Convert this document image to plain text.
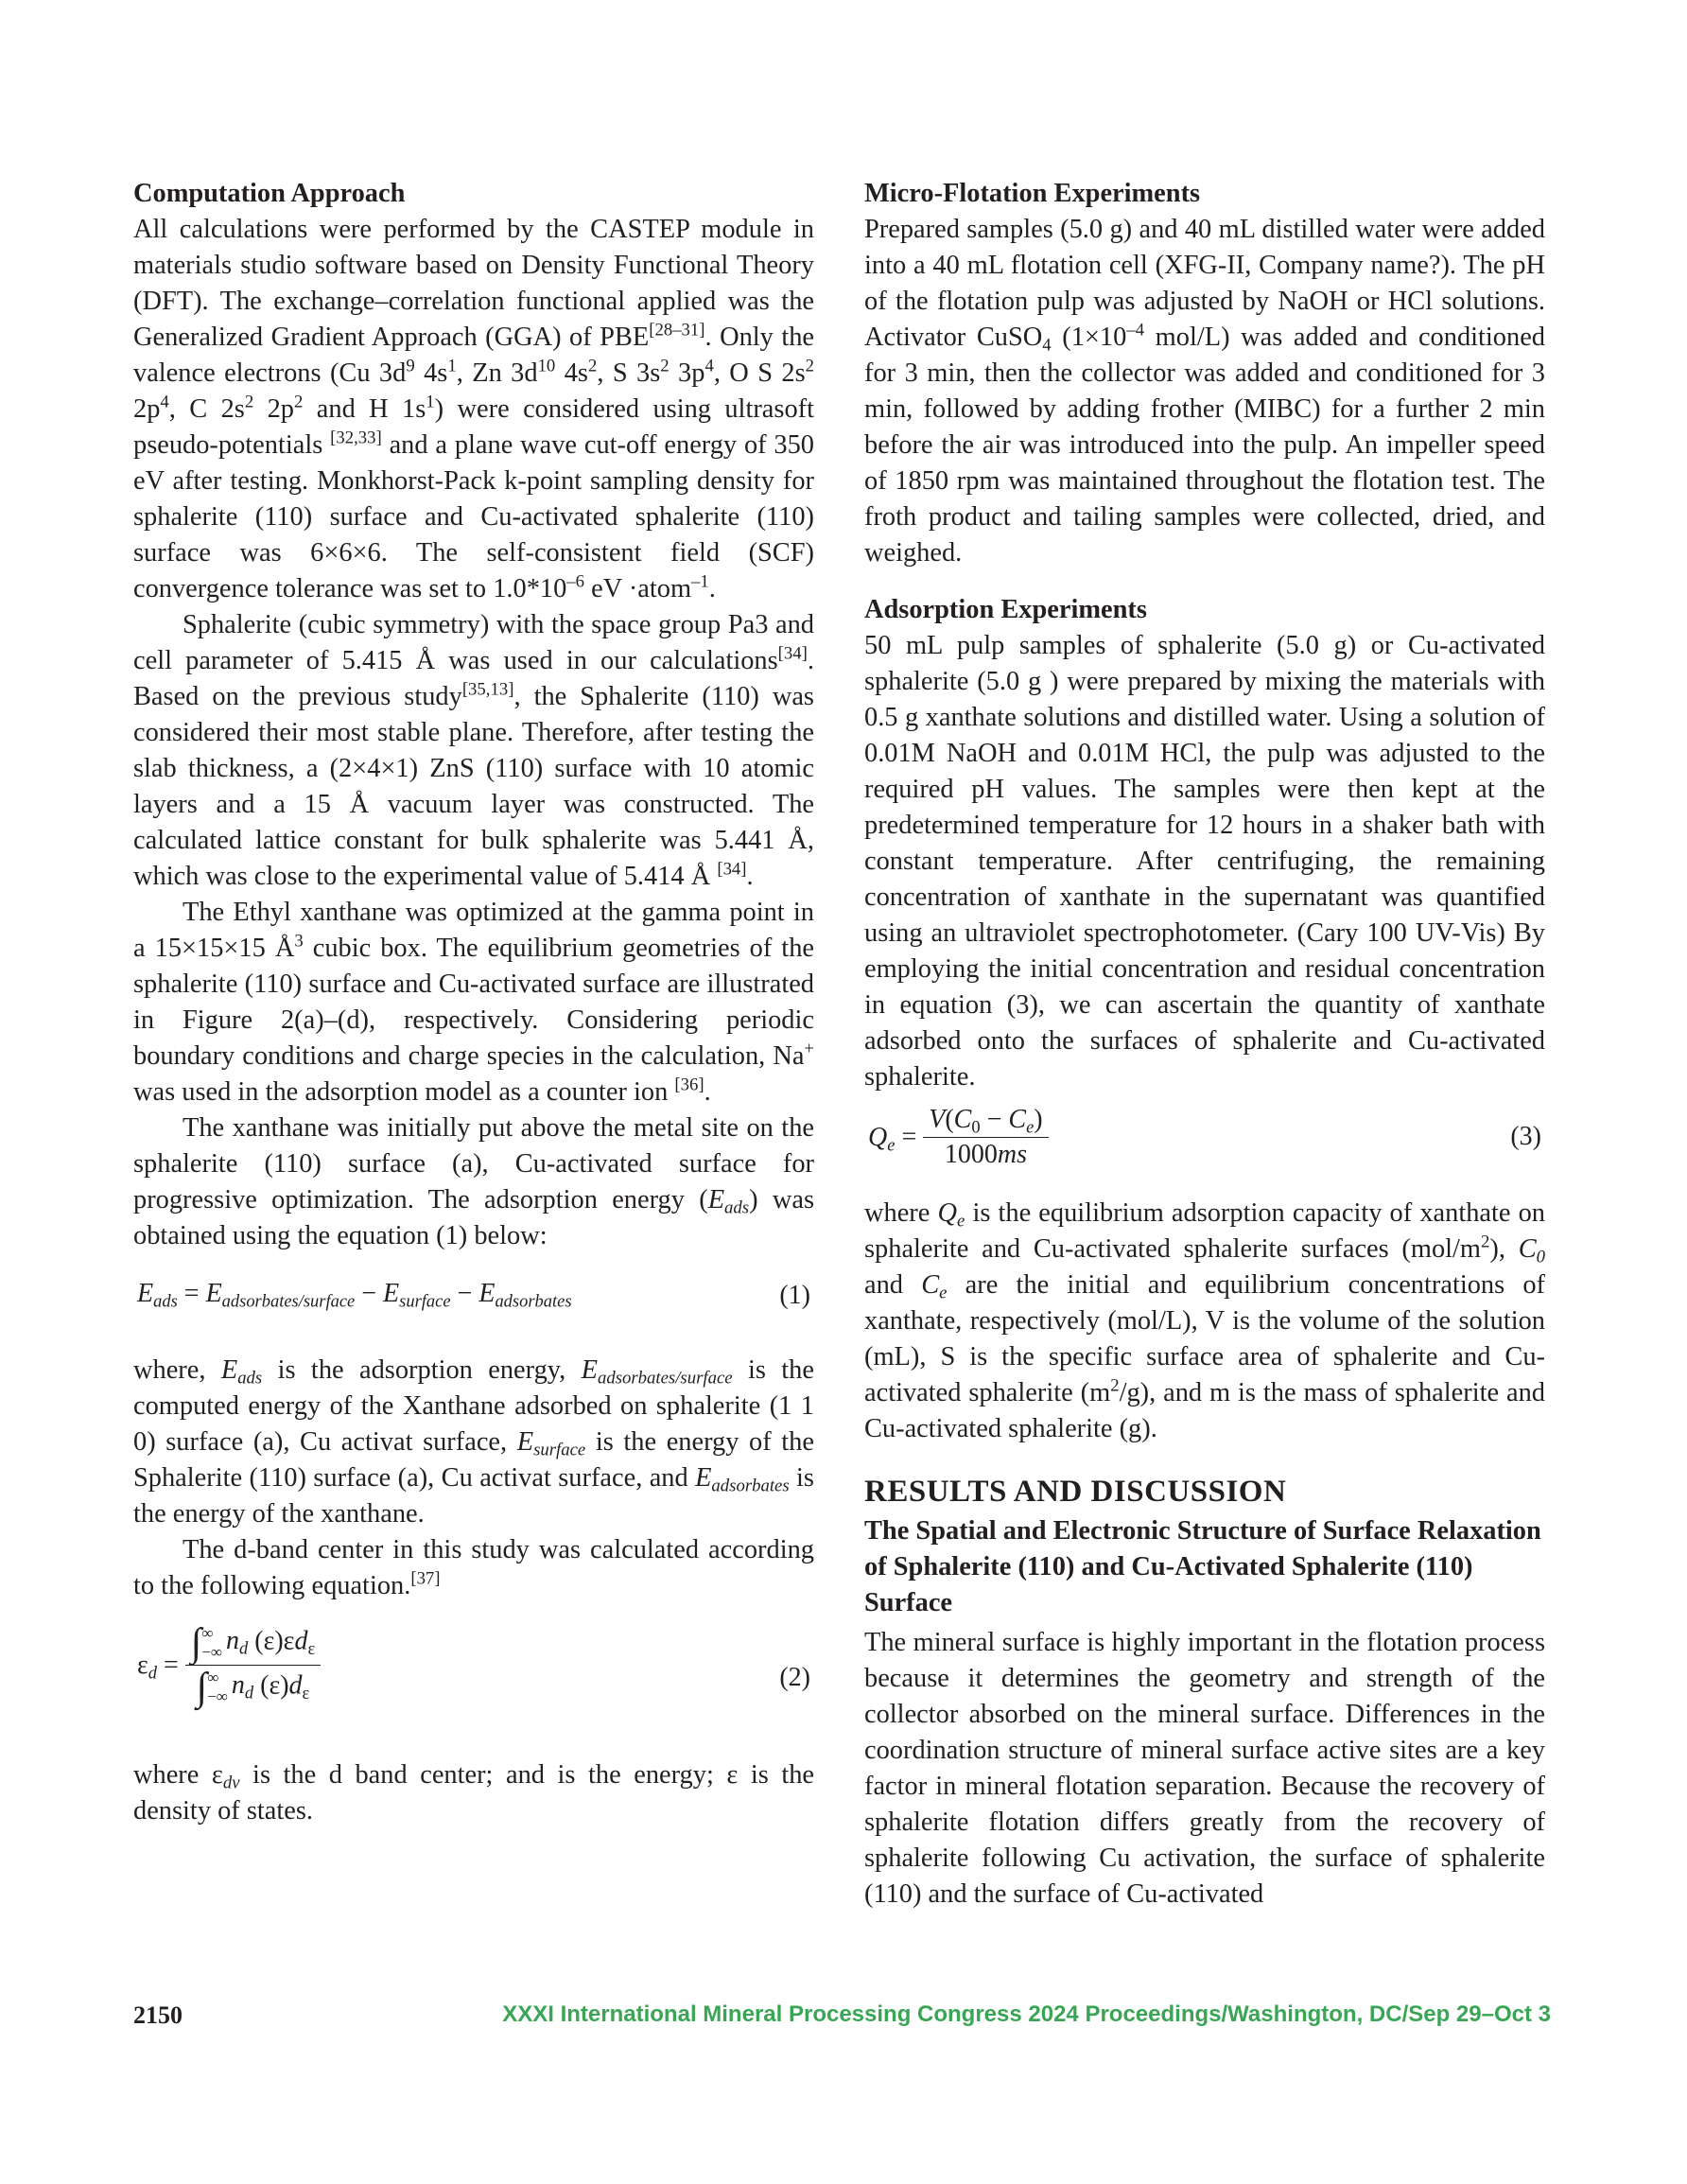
Computation Approach

All calculations were performed by the CASTEP module in materials studio software based on Density Functional Theory (DFT). The exchange–correlation functional applied was the Generalized Gradient Approach (GGA) of PBE[28–31]. Only the valence electrons (Cu $3d^9$ $4s^1$, Zn $3d^{10}$ $4s^2$, S $3s^2$ $3p^4$, O S $2s^2$ $2p^4$, C $2s^2$ $2p^2$ and H $1s^1$) were considered using ultrasoft pseudo-potentials [32,33] and a plane wave cut-off energy of 350 eV after testing. Monkhorst-Pack k-point sampling density for sphalerite (110) surface and Cu-activated sphalerite (110) surface was 6×6×6. The self-consistent field (SCF) convergence tolerance was set to $1.0*10^{-6}$ eV ·atom$^{-1}$.

Sphalerite (cubic symmetry) with the space group Pa3 and cell parameter of 5.415 Å was used in our calculations[34]. Based on the previous study[35,13], the Sphalerite (110) was considered their most stable plane. Therefore, after testing the slab thickness, a (2×4×1) ZnS (110) surface with 10 atomic layers and a 15 Å vacuum layer was constructed. The calculated lattice constant for bulk sphalerite was 5.441 Å, which was close to the experimental value of 5.414 Å [34].

The Ethyl xanthane was optimized at the gamma point in a 15×15×15 $Å^3$ cubic box. The equilibrium geometries of the sphalerite (110) surface and Cu-activated surface are illustrated in Figure 2(a)–(d), respectively. Considering periodic boundary conditions and charge species in the calculation, Na+ was used in the adsorption model as a counter ion [36].

The xanthane was initially put above the metal site on the sphalerite (110) surface (a), Cu-activated surface for progressive optimization. The adsorption energy $(E_{ads})$ was obtained using the equation (1) below:

$E_{ads} = E_{adsorbates/surface} - E_{surface} - E_{adsorbates}$	(1)

where, $E_{ads}$ is the adsorption energy, $E_{adsorbates/surface}$ is the computed energy of the Xanthane adsorbed on sphalerite (1 1 0) surface (a), Cu activat surface, $E_{surface}$ is the energy of the Sphalerite (110) surface (a), Cu activat surface, and $E_{adsorbates}$ is the energy of the xanthane.

The d-band center in this study was calculated according to the following equation.[37]

$\varepsilon_d$ = ∫∞
−∞ $n_d$ $(\varepsilon)\varepsilon d_\varepsilon$
∫∞
−∞ $n_d$ $(\varepsilon)d_\varepsilon$
(2)

where $\varepsilon_{dv}$ is the d band center; and is the energy; ε is the density of states.

Micro-Flotation Experiments

Prepared samples (5.0 g) and 40 mL distilled water were added into a 40 mL flotation cell (XFG-II, Company name?). The pH of the flotation pulp was adjusted by NaOH or HCl solutions. Activator CuSO$_4$ ($1\times 10^{-4}$ mol/L) was added and conditioned for 3 min, then the collector was added and conditioned for 3 min, followed by adding frother (MIBC) for a further 2 min before the air was introduced into the pulp. An impeller speed of 1850 rpm was maintained throughout the flotation test. The froth product and tailing samples were collected, dried, and weighed.

Adsorption Experiments

50 mL pulp samples of sphalerite (5.0 g) or Cu-activated sphalerite (5.0 g ) were prepared by mixing the materials with 0.5 g xanthate solutions and distilled water. Using a solution of 0.01M NaOH and 0.01M HCl, the pulp was adjusted to the required pH values. The samples were then kept at the predetermined temperature for 12 hours in a shaker bath with constant temperature. After centrifuging, the remaining concentration of xanthate in the supernatant was quantified using an ultraviolet spectrophotometer. (Cary 100 UV-Vis) By employing the initial concentration and residual concentration in equation (3), we can ascertain the quantity of xanthate adsorbed onto the surfaces of sphalerite and Cu-activated sphalerite.

$Q_e = \frac{V(C_0 - C_e)}{1000ms}$	(3)

where $Q_e$ is the equilibrium adsorption capacity of xanthate on sphalerite and Cu-activated sphalerite surfaces $(mol/m^2)$, $C_0$ and $C_e$ are the initial and equilibrium concentrations of xanthate, respectively (mol/L), V is the volume of the solution (mL), S is the specific surface area of sphalerite and Cu-activated sphalerite $(m^2/g)$, and m is the mass of sphalerite and Cu-activated sphalerite (g).

RESULTS AND DISCUSSION

The Spatial and Electronic Structure of Surface Relaxation of Sphalerite (110) and Cu-Activated Sphalerite (110) Surface

The mineral surface is highly important in the flotation process because it determines the geometry and strength of the collector absorbed on the mineral surface. Differences in the coordination structure of mineral surface active sites are a key factor in mineral flotation separation. Because the recovery of sphalerite flotation differs greatly from the recovery of sphalerite following Cu activation, the surface of sphalerite (110) and the surface of Cu-activated

2150	XXXI International Mineral Processing Congress 2024 Proceedings/Washington, DC/Sep 29–Oct 3
